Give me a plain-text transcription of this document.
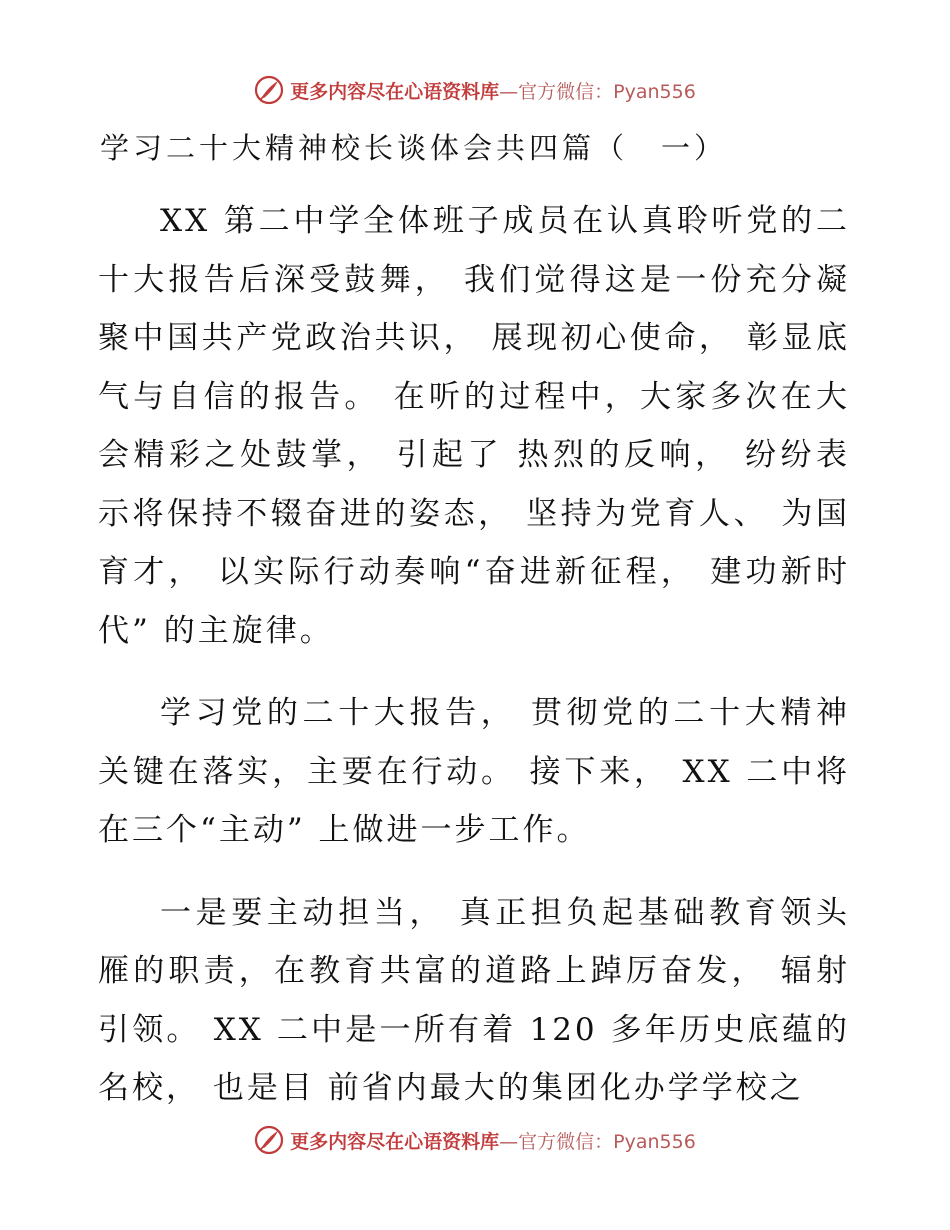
更多内容尽在心语资料库 —官方微信：Pyan556
学习二十大精神校长谈体会共四篇（　一）

XX 第二中学全体班子成员在认真聆听党的二十大报告后深受鼓舞， 我们觉得这是一份充分凝聚中国共产党政治共识， 展现初心使命， 彰显底气与自信的报告。 在听的过程中，大家多次在大会精彩之处鼓掌， 引起了 热烈的反响， 纷纷表示将保持不辍奋进的姿态， 坚持为党育人、 为国育才， 以实际行动奏响“奋进新征程， 建功新时代” 的主旋律。

学习党的二十大报告， 贯彻党的二十大精神关键在落实，主要在行动。 接下来， XX 二中将在三个“主动” 上做进一步工作。

一是要主动担当， 真正担负起基础教育领头雁的职责，在教育共富的道路上踔厉奋发， 辐射引领。 XX 二中是一所有着 120 多年历史底蕴的名校， 也是目 前省内最大的集团化办学学校之

更多内容尽在心语资料库 —官方微信：Pyan556
